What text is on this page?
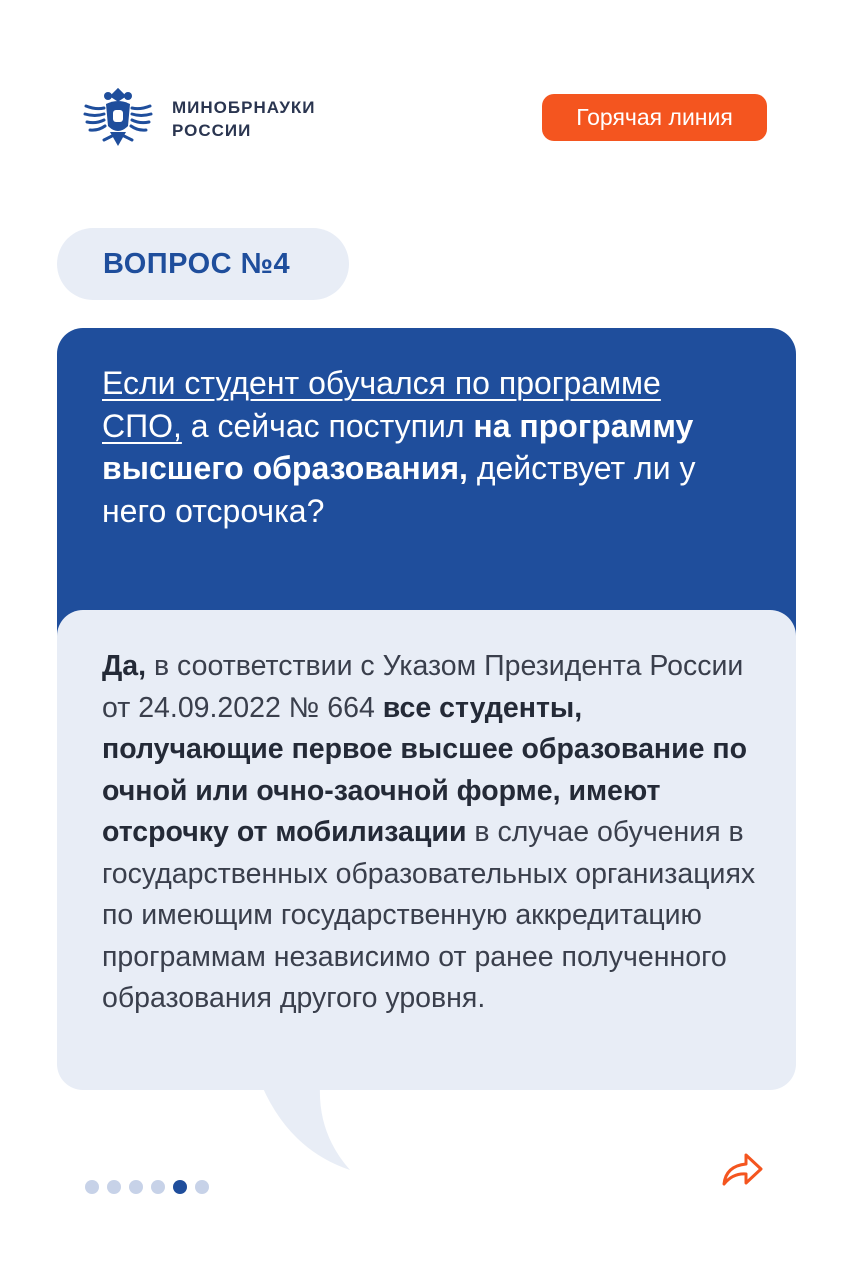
МИНОБРНАУКИ
РОССИИ
Горячая линия
ВОПРОС №4
Если студент обучался по программе СПО, а сейчас поступил на программу высшего образования, действует ли у него отсрочка?
Да, в соответствии с Указом Президента России от 24.09.2022 № 664 все студенты, получающие первое высшее образование по очной или очно-заочной форме, имеют отсрочку от мобилизации в случае обучения в государственных образовательных организациях по имеющим государственную аккредитацию программам независимо от ранее полученного образования другого уровня.
